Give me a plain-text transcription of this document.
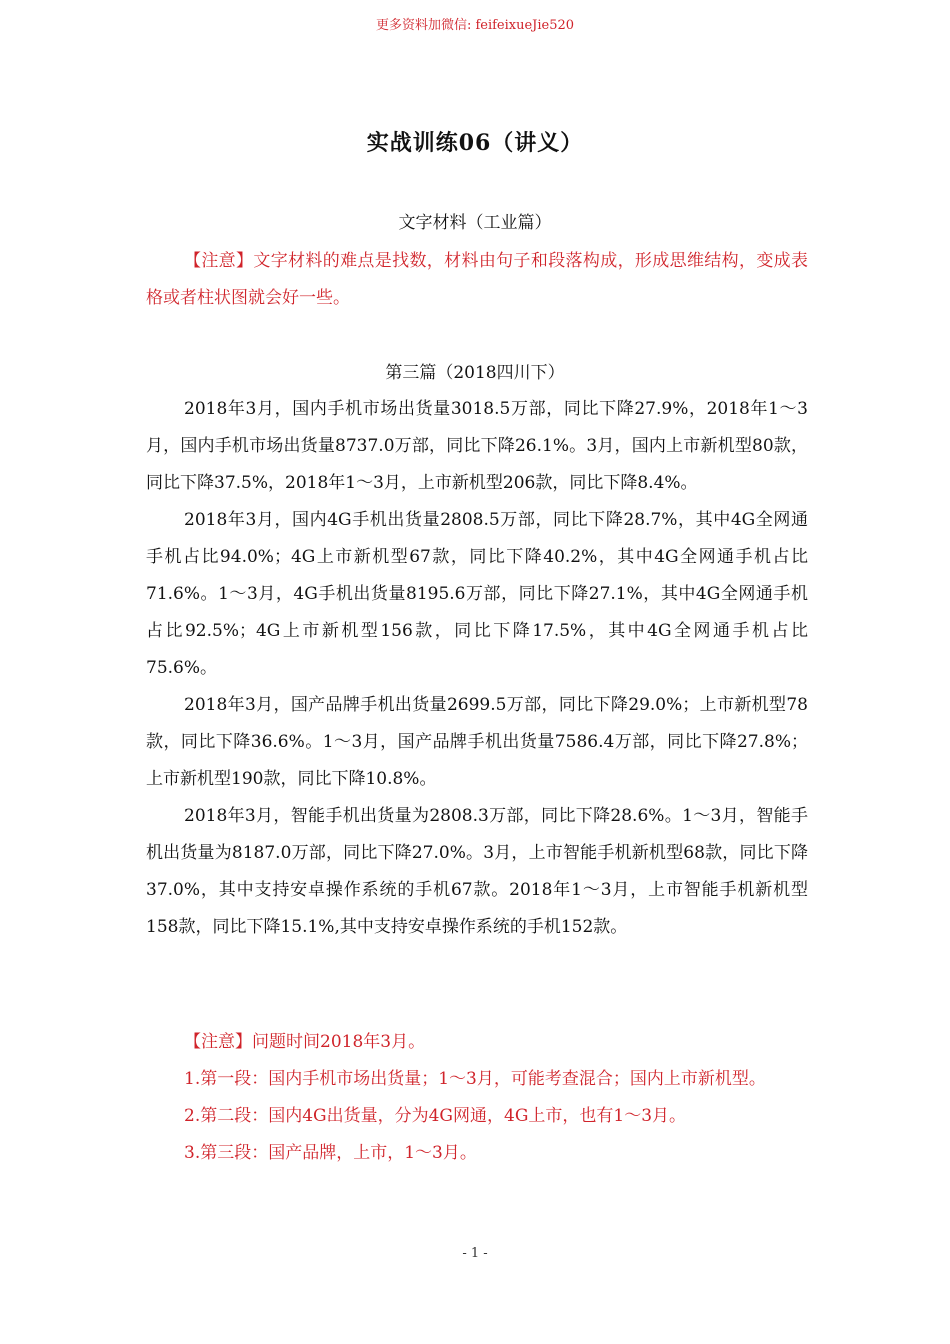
更多资料加微信: feifeixueJie520
实战训练06（讲义）
文字材料（工业篇）
【注意】文字材料的难点是找数，材料由句子和段落构成，形成思维结构，变成表格或者柱状图就会好一些。
第三篇（2018四川下）

2018年3月，国内手机市场出货量3018.5万部，同比下降27.9%，2018年1～3月，国内手机市场出货量8737.0万部，同比下降26.1%。3月，国内上市新机型80款，同比下降37.5%，2018年1～3月，上市新机型206款，同比下降8.4%。

2018年3月，国内4G手机出货量2808.5万部，同比下降28.7%，其中4G全网通手机占比94.0%；4G上市新机型67款，同比下降40.2%，其中4G全网通手机占比71.6%。1～3月，4G手机出货量8195.6万部，同比下降27.1%，其中4G全网通手机占比92.5%；4G上市新机型156款，同比下降17.5%，其中4G全网通手机占比75.6%。

2018年3月，国产品牌手机出货量2699.5万部，同比下降29.0%；上市新机型78款，同比下降36.6%。1～3月，国产品牌手机出货量7586.4万部，同比下降27.8%；上市新机型190款，同比下降10.8%。

2018年3月，智能手机出货量为2808.3万部，同比下降28.6%。1～3月，智能手机出货量为8187.0万部，同比下降27.0%。3月，上市智能手机新机型68款，同比下降37.0%，其中支持安卓操作系统的手机67款。2018年1～3月，上市智能手机新机型158款，同比下降15.1%,其中支持安卓操作系统的手机152款。

【注意】问题时间2018年3月。

1.第一段：国内手机市场出货量；1～3月，可能考查混合；国内上市新机型。

2.第二段：国内4G出货量，分为4G网通，4G上市，也有1～3月。

3.第三段：国产品牌，上市，1～3月。

- 1 -
